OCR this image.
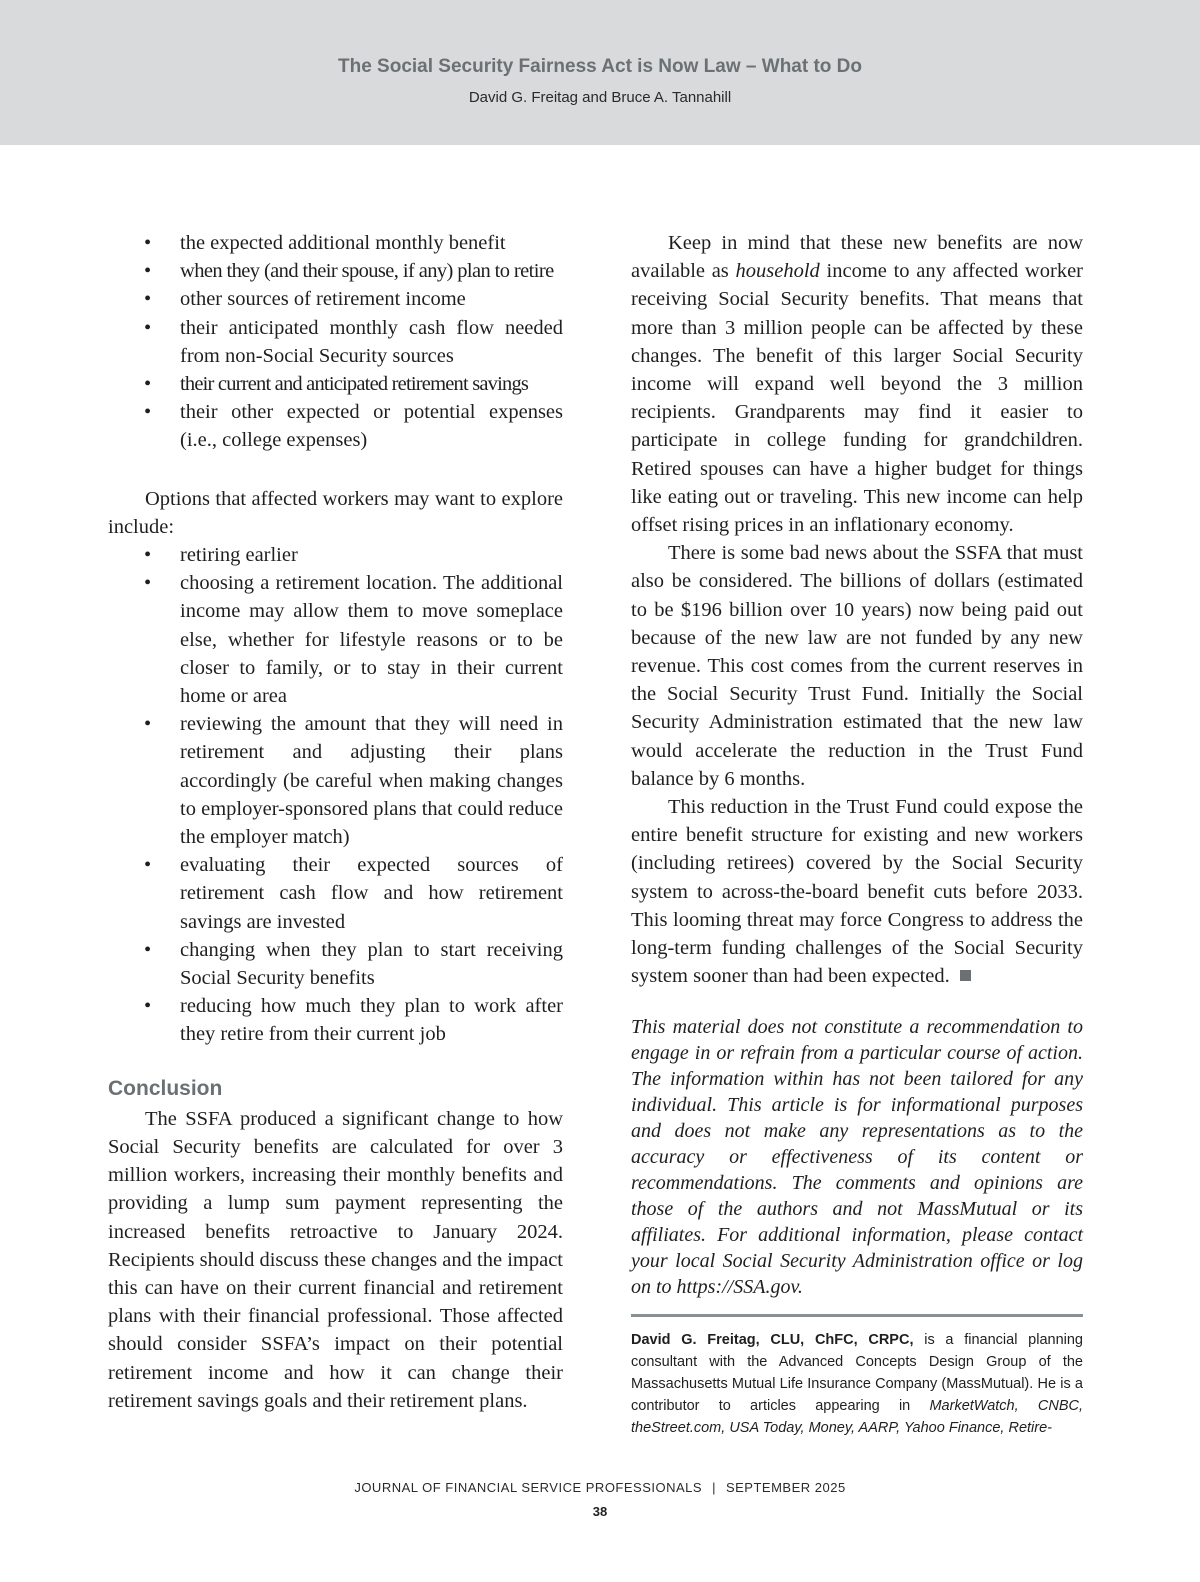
The Social Security Fairness Act is Now Law – What to Do
David G. Freitag and Bruce A. Tannahill
• the expected additional monthly benefit
• when they (and their spouse, if any) plan to retire
• other sources of retirement income
• their anticipated monthly cash flow needed from non-Social Security sources
• their current and anticipated retirement savings
• their other expected or potential expenses (i.e., college expenses)

Options that affected workers may want to explore include:

• retiring earlier
• choosing a retirement location. The additional income may allow them to move someplace else, whether for lifestyle reasons or to be closer to family, or to stay in their current home or area
• reviewing the amount that they will need in retirement and adjusting their plans accordingly (be careful when making changes to employer-sponsored plans that could reduce the employer match)
• evaluating their expected sources of retirement cash flow and how retirement savings are invested
• changing when they plan to start receiving Social Security benefits
• reducing how much they plan to work after they retire from their current job
Conclusion

The SSFA produced a significant change to how Social Security benefits are calculated for over 3 million workers, increasing their monthly benefits and providing a lump sum payment representing the increased benefits retroactive to January 2024. Recipients should discuss these changes and the impact this can have on their current financial and retirement plans with their financial professional. Those affected should consider SSFA’s impact on their potential retirement income and how it can change their retirement savings goals and their retirement plans.

Keep in mind that these new benefits are now available as household income to any affected worker receiving Social Security benefits. That means that more than 3 million people can be affected by these changes. The benefit of this larger Social Security income will expand well beyond the 3 million recipients. Grandparents may find it easier to participate in college funding for grandchildren. Retired spouses can have a higher budget for things like eating out or traveling. This new income can help offset rising prices in an inflationary economy.

There is some bad news about the SSFA that must also be considered. The billions of dollars (estimated to be $196 billion over 10 years) now being paid out because of the new law are not funded by any new revenue. This cost comes from the current reserves in the Social Security Trust Fund. Initially the Social Security Administration estimated that the new law would accelerate the reduction in the Trust Fund balance by 6 months.

This reduction in the Trust Fund could expose the entire benefit structure for existing and new workers (including retirees) covered by the Social Security system to across-the-board benefit cuts before 2033. This looming threat may force Congress to address the long-term funding challenges of the Social Security system sooner than had been expected.

This material does not constitute a recommendation to engage in or refrain from a particular course of action. The information within has not been tailored for any individual. This article is for informational purposes and does not make any representations as to the accuracy or effectiveness of its content or recommendations. The comments and opinions are those of the authors and not MassMutual or its affiliates. For additional information, please contact your local Social Security Administration office or log on to https://SSA.gov.

David G. Freitag, CLU, ChFC, CRPC, is a financial planning consultant with the Advanced Concepts Design Group of the Massachusetts Mutual Life Insurance Company (MassMutual). He is a contributor to articles appearing in MarketWatch, CNBC, theStreet.com, USA Today, Money, AARP, Yahoo Finance, Retire-
JOURNAL OF FINANCIAL SERVICE PROFESSIONALS | SEPTEMBER 2025
38
